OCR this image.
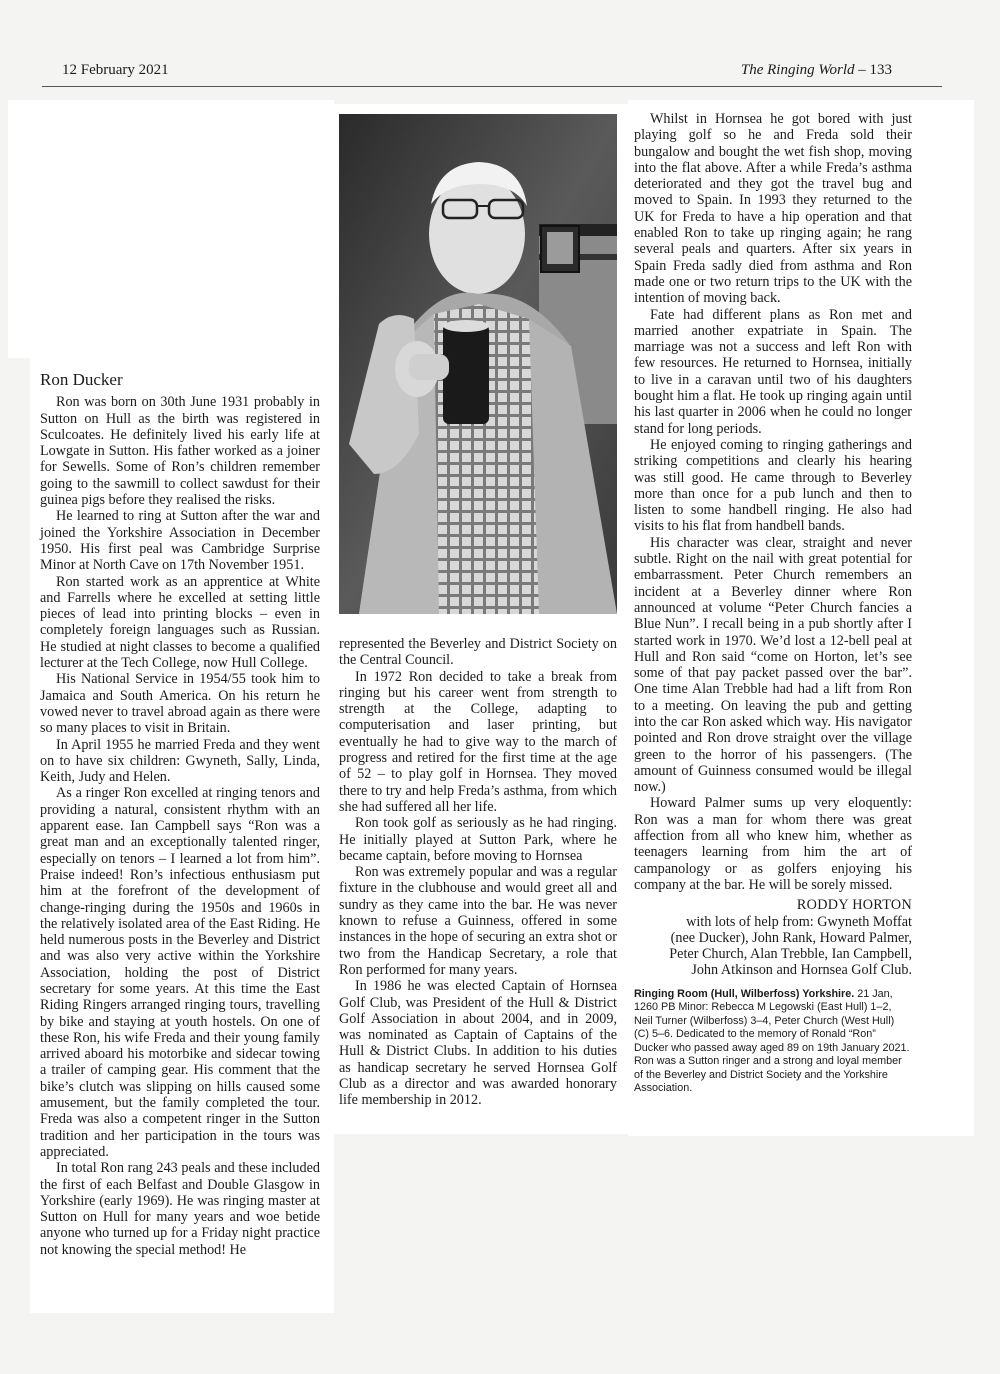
12 February 2021	The Ringing World – 133
Ron Ducker

Ron was born on 30th June 1931 probably in Sutton on Hull as the birth was registered in Sculcoates. He definitely lived his early life at Lowgate in Sutton. His father worked as a joiner for Sewells. Some of Ron’s children remember going to the sawmill to collect sawdust for their guinea pigs before they realised the risks.

He learned to ring at Sutton after the war and joined the Yorkshire Association in December 1950. His first peal was Cambridge Surprise Minor at North Cave on 17th November 1951.

Ron started work as an apprentice at White and Farrells where he excelled at setting little pieces of lead into printing blocks – even in completely foreign languages such as Russian. He studied at night classes to become a qualified lecturer at the Tech College, now Hull College.

His National Service in 1954/55 took him to Jamaica and South America. On his return he vowed never to travel abroad again as there were so many places to visit in Britain.

In April 1955 he married Freda and they went on to have six children: Gwyneth, Sally, Linda, Keith, Judy and Helen.

As a ringer Ron excelled at ringing tenors and providing a natural, consistent rhythm with an apparent ease. Ian Campbell says “Ron was a great man and an exceptionally talented ringer, especially on tenors – I learned a lot from him”. Praise indeed! Ron’s infectious enthusiasm put him at the forefront of the development of change-ringing during the 1950s and 1960s in the relatively isolated area of the East Riding. He held numerous posts in the Beverley and District and was also very active within the Yorkshire Association, holding the post of District secretary for some years. At this time the East Riding Ringers arranged ringing tours, travelling by bike and staying at youth hostels. On one of these Ron, his wife Freda and their young family arrived aboard his motorbike and sidecar towing a trailer of camping gear. His comment that the bike’s clutch was slipping on hills caused some amusement, but the family completed the tour. Freda was also a competent ringer in the Sutton tradition and her participation in the tours was appreciated.

In total Ron rang 243 peals and these included the first of each Belfast and Double Glasgow in Yorkshire (early 1969). He was ringing master at Sutton on Hull for many years and woe betide anyone who turned up for a Friday night practice not knowing the special method! He

represented the Beverley and District Society on the Central Council.

In 1972 Ron decided to take a break from ringing but his career went from strength to strength at the College, adapting to computerisation and laser printing, but eventually he had to give way to the march of progress and retired for the first time at the age of 52 – to play golf in Hornsea. They moved there to try and help Freda’s asthma, from which she had suffered all her life.

Ron took golf as seriously as he had ringing. He initially played at Sutton Park, where he became captain, before moving to Hornsea

Ron was extremely popular and was a regular fixture in the clubhouse and would greet all and sundry as they came into the bar. He was never known to refuse a Guinness, offered in some instances in the hope of securing an extra shot or two from the Handicap Secretary, a role that Ron performed for many years.

In 1986 he was elected Captain of Hornsea Golf Club, was President of the Hull & District Golf Association in about 2004, and in 2009, was nominated as Captain of Captains of the Hull & District Clubs. In addition to his duties as handicap secretary he served Hornsea Golf Club as a director and was awarded honorary life membership in 2012.

Whilst in Hornsea he got bored with just playing golf so he and Freda sold their bungalow and bought the wet fish shop, moving into the flat above. After a while Freda’s asthma deteriorated and they got the travel bug and moved to Spain. In 1993 they returned to the UK for Freda to have a hip operation and that enabled Ron to take up ringing again; he rang several peals and quarters. After six years in Spain Freda sadly died from asthma and Ron made one or two return trips to the UK with the intention of moving back.

Fate had different plans as Ron met and married another expatriate in Spain. The marriage was not a success and left Ron with few resources. He returned to Hornsea, initially to live in a caravan until two of his daughters bought him a flat. He took up ringing again until his last quarter in 2006 when he could no longer stand for long periods.

He enjoyed coming to ringing gatherings and striking competitions and clearly his hearing was still good. He came through to Beverley more than once for a pub lunch and then to listen to some handbell ringing. He also had visits to his flat from handbell bands.

His character was clear, straight and never subtle. Right on the nail with great potential for embarrassment. Peter Church remembers an incident at a Beverley dinner where Ron announced at volume “Peter Church fancies a Blue Nun”. I recall being in a pub shortly after I started work in 1970. We’d lost a 12-bell peal at Hull and Ron said “come on Horton, let’s see some of that pay packet passed over the bar”. One time Alan Trebble had had a lift from Ron to a meeting. On leaving the pub and getting into the car Ron asked which way. His navigator pointed and Ron drove straight over the village green to the horror of his passengers. (The amount of Guinness consumed would be illegal now.)

Howard Palmer sums up very eloquently: Ron was a man for whom there was great affection from all who knew him, whether as teenagers learning from him the art of campanology or as golfers enjoying his company at the bar. He will be sorely missed.

RODDY HORTON
with lots of help from: Gwyneth Moffat
(nee Ducker), John Rank, Howard Palmer,
Peter Church, Alan Trebble, Ian Campbell,
John Atkinson and Hornsea Golf Club.
Ringing Room (Hull, Wilberfoss) Yorkshire. 21 Jan, 1260 PB Minor: Rebecca M Legowski (East Hull) 1–2, Neil Turner (Wilberfoss) 3–4, Peter Church (West Hull) (C) 5–6. Dedicated to the memory of Ronald “Ron” Ducker who passed away aged 89 on 19th January 2021. Ron was a Sutton ringer and a strong and loyal member of the Beverley and District Society and the Yorkshire Association.
